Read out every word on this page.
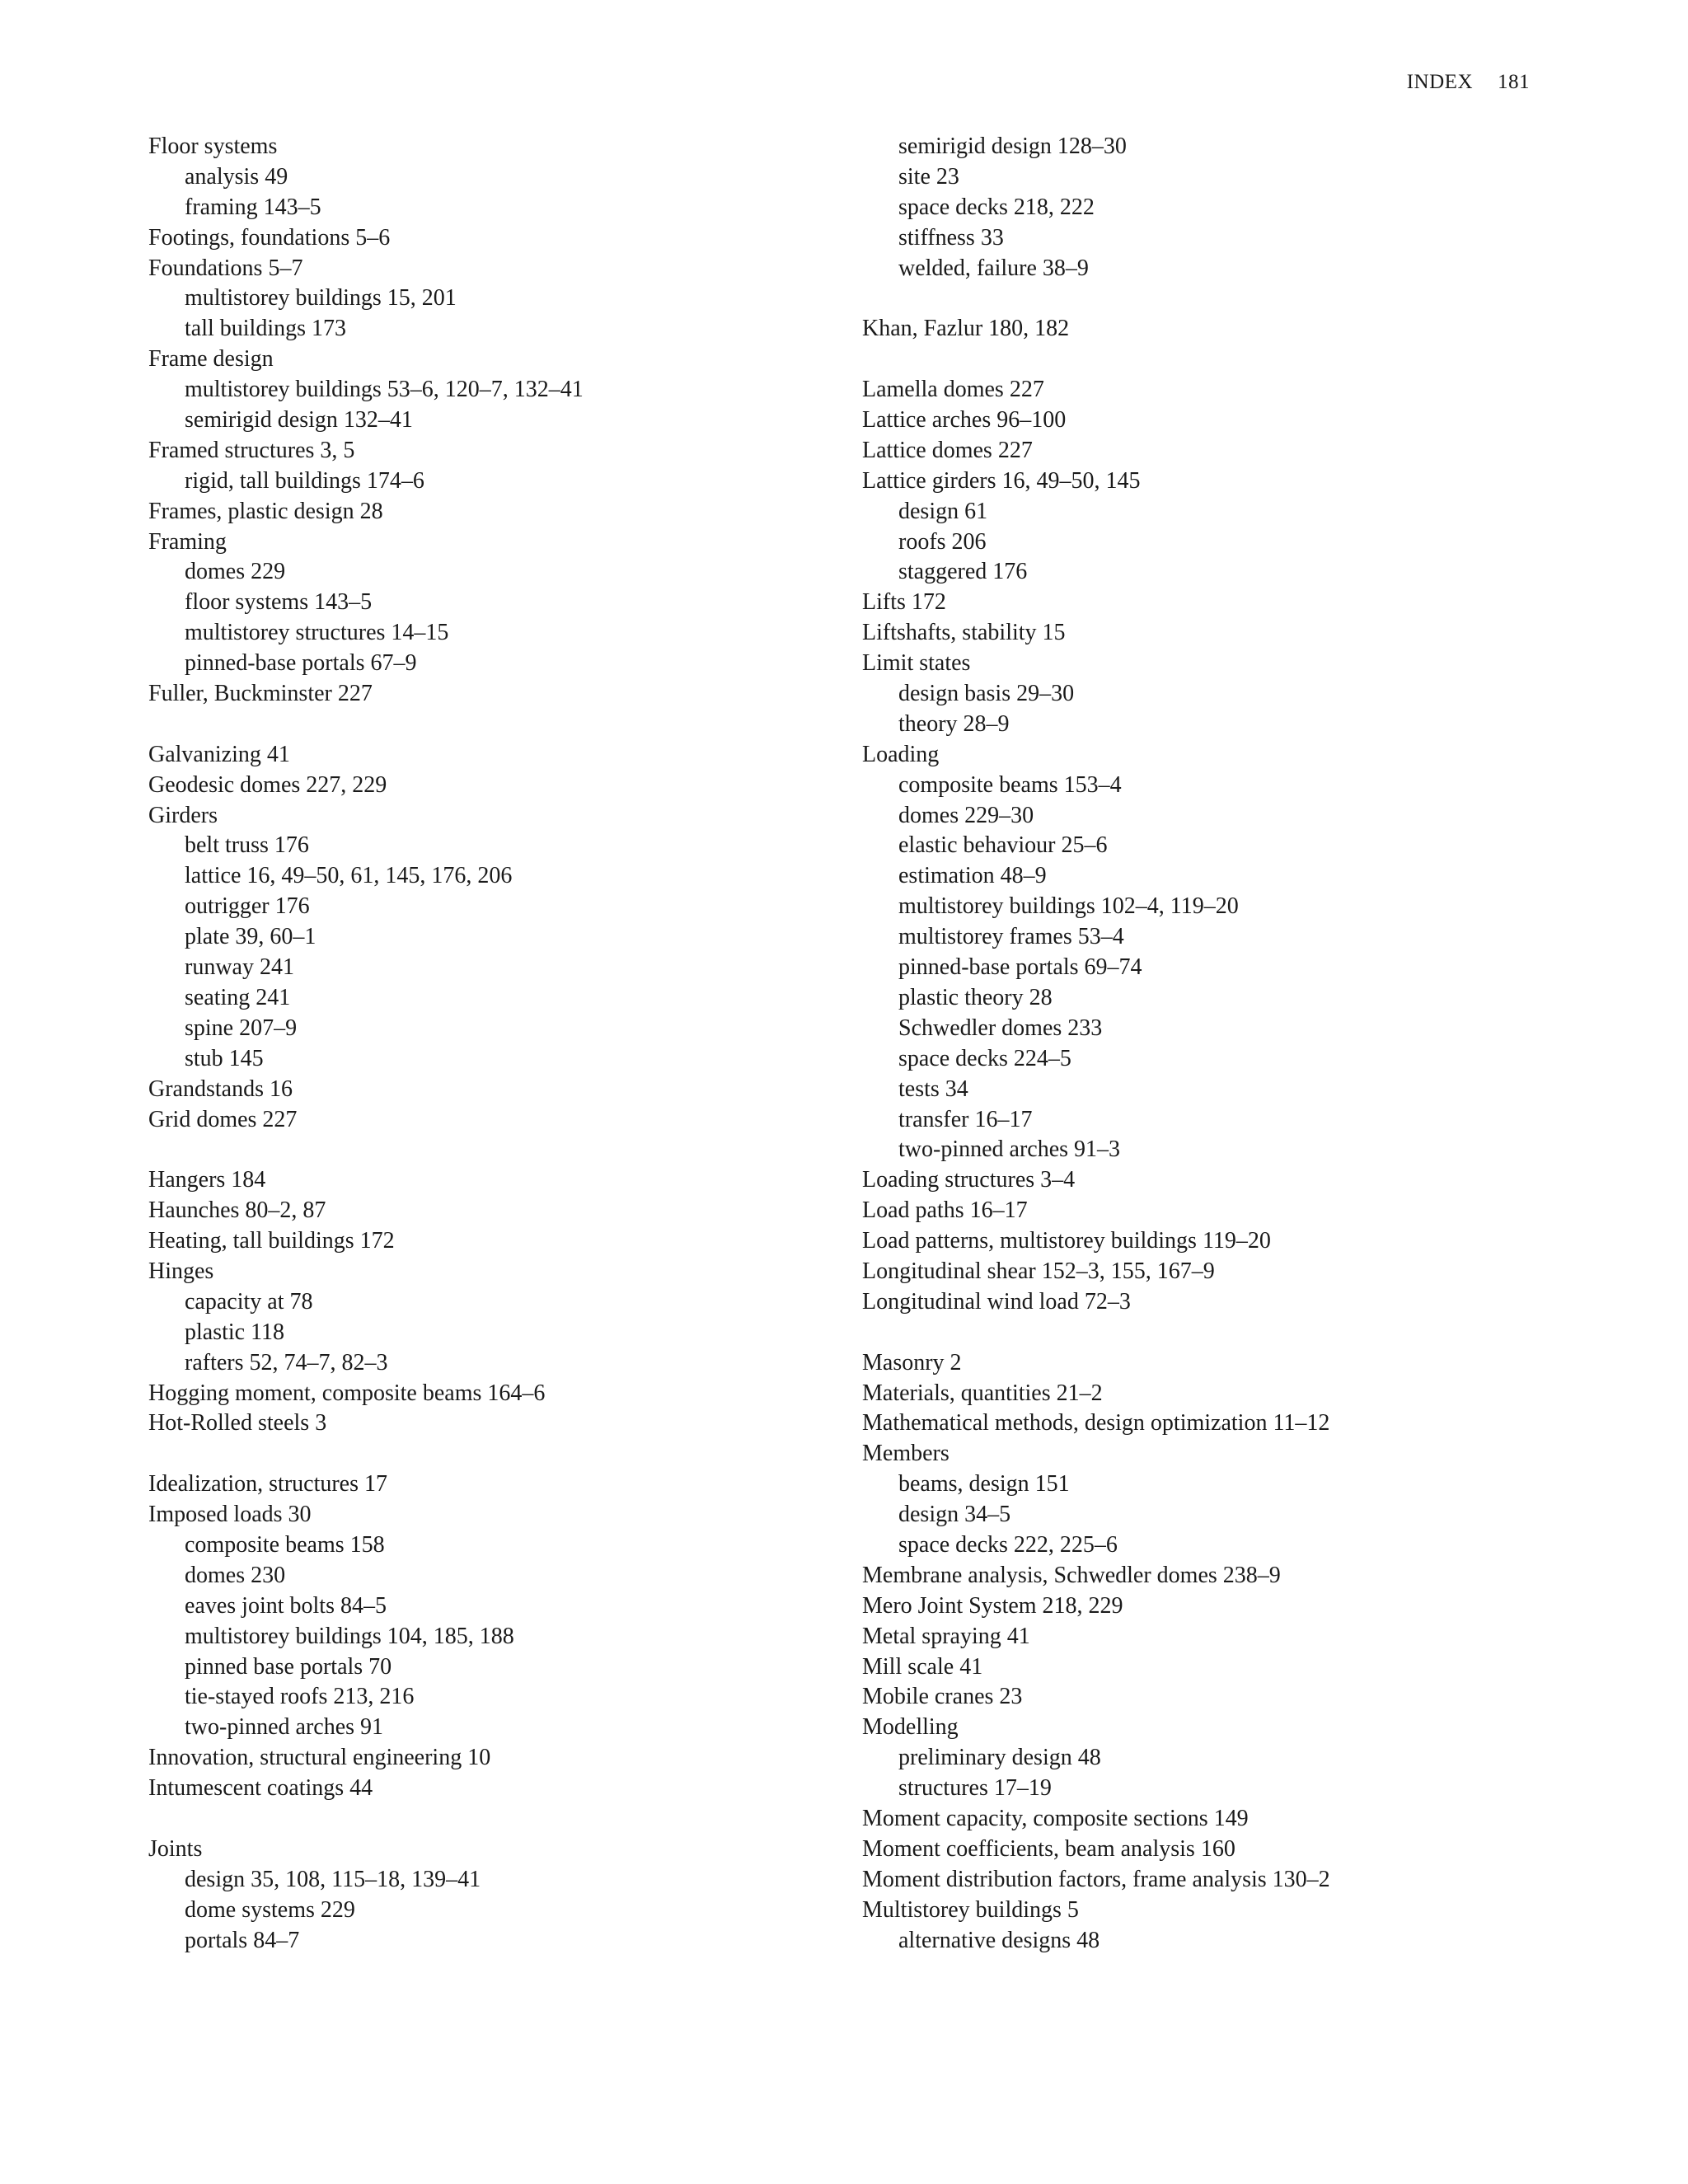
INDEX 181
Floor systems
analysis 49
framing 143–5
Footings, foundations 5–6
Foundations 5–7
multistorey buildings 15, 201
tall buildings 173
Frame design
multistorey buildings 53–6, 120–7, 132–41
semirigid design 132–41
Framed structures 3, 5
rigid, tall buildings 174–6
Frames, plastic design 28
Framing
domes 229
floor systems 143–5
multistorey structures 14–15
pinned-base portals 67–9
Fuller, Buckminster 227
Galvanizing 41
Geodesic domes 227, 229
Girders
belt truss 176
lattice 16, 49–50, 61, 145, 176, 206
outrigger 176
plate 39, 60–1
runway 241
seating 241
spine 207–9
stub 145
Grandstands 16
Grid domes 227
Hangers 184
Haunches 80–2, 87
Heating, tall buildings 172
Hinges
capacity at 78
plastic 118
rafters 52, 74–7, 82–3
Hogging moment, composite beams 164–6
Hot-Rolled steels 3
Idealization, structures 17
Imposed loads 30
composite beams 158
domes 230
eaves joint bolts 84–5
multistorey buildings 104, 185, 188
pinned base portals 70
tie-stayed roofs 213, 216
two-pinned arches 91
Innovation, structural engineering 10
Intumescent coatings 44
Joints
design 35, 108, 115–18, 139–41
dome systems 229
portals 84–7
semirigid design 128–30
site 23
space decks 218, 222
stiffness 33
welded, failure 38–9
Khan, Fazlur 180, 182
Lamella domes 227
Lattice arches 96–100
Lattice domes 227
Lattice girders 16, 49–50, 145
design 61
roofs 206
staggered 176
Lifts 172
Liftshafts, stability 15
Limit states
design basis 29–30
theory 28–9
Loading
composite beams 153–4
domes 229–30
elastic behaviour 25–6
estimation 48–9
multistorey buildings 102–4, 119–20
multistorey frames 53–4
pinned-base portals 69–74
plastic theory 28
Schwedler domes 233
space decks 224–5
tests 34
transfer 16–17
two-pinned arches 91–3
Loading structures 3–4
Load paths 16–17
Load patterns, multistorey buildings 119–20
Longitudinal shear 152–3, 155, 167–9
Longitudinal wind load 72–3
Masonry 2
Materials, quantities 21–2
Mathematical methods, design optimization 11–12
Members
beams, design 151
design 34–5
space decks 222, 225–6
Membrane analysis, Schwedler domes 238–9
Mero Joint System 218, 229
Metal spraying 41
Mill scale 41
Mobile cranes 23
Modelling
preliminary design 48
structures 17–19
Moment capacity, composite sections 149
Moment coefficients, beam analysis 160
Moment distribution factors, frame analysis 130–2
Multistorey buildings 5
alternative designs 48
